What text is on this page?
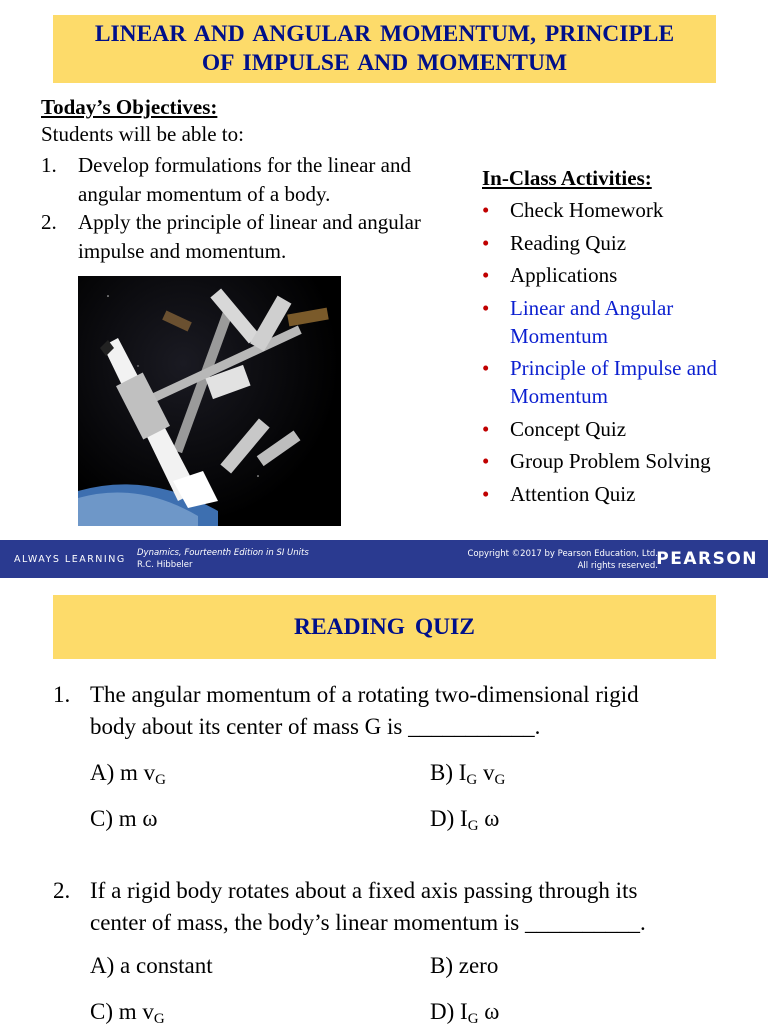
LINEAR AND ANGULAR MOMENTUM, PRINCIPLE
OF IMPULSE AND MOMENTUM
Today’s Objectives:
Students will be able to:
1. Develop formulations for the linear and
angular momentum of a body.
2. Apply the principle of linear and angular
impulse and momentum.
In-Class Activities:
• Check Homework
• Reading Quiz
• Applications
• Linear and Angular
Momentum
• Principle of Impulse and
Momentum
• Concept Quiz
• Group Problem Solving
• Attention Quiz
ALWAYS LEARNING
Dynamics, Fourteenth Edition in SI Units
R.C. Hibbeler
Copyright ©2017 by Pearson Education, Ltd.
All rights reserved.
PEARSON
READING QUIZ
1. The angular momentum of a rotating two-dimensional rigid
body about its center of mass G is ___________.
A) m $v_G$	B) $I_G$ $v_G$
C) m ω	D) $I_G$ ω
2. If a rigid body rotates about a fixed axis passing through its
center of mass, the body’s linear momentum is __________.
A) a constant	B) zero
C) m $v_G$	D) $I_G$ ω
